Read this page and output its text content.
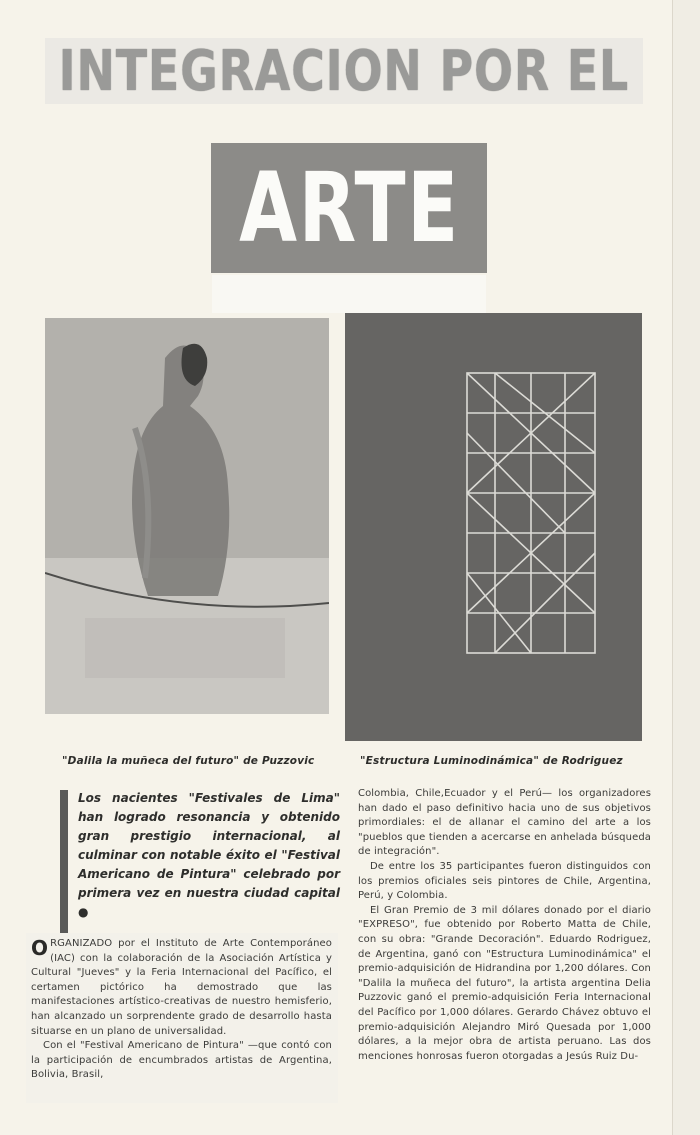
INTEGRACION POR EL
ARTE
"Dalila la muñeca del futuro" de Puzzovic	"Estructura Luminodinámica" de Rodriguez
Los nacientes "Festivales de Lima" han logrado resonancia y obtenido gran prestigio internacional, al culminar con notable éxito el "Festival Americano de Pintura" celebrado por primera vez en nuestra ciudad capital ●

ORGANIZADO por el Instituto de Arte Contemporáneo (IAC) con la colaboración de la Asociación Artística y Cultural "Jueves" y la Feria Internacional del Pacífico, el certamen pictórico ha demostrado que las manifestaciones artístico-creativas de nuestro hemisferio, han alcanzado un sorprendente grado de desarrollo hasta situarse en un plano de universalidad.

Con el "Festival Americano de Pintura" —que contó con la participación de encumbrados artistas de Argentina, Bolivia, Brasil,

Colombia, Chile,Ecuador y el Perú— los organizadores han dado el paso definitivo hacia uno de sus objetivos primordiales: el de allanar el camino del arte a los "pueblos que tienden a acercarse en anhelada búsqueda de integración".

De entre los 35 participantes fueron distinguidos con los premios oficiales seis pintores de Chile, Argentina, Perú, y Colombia.

El Gran Premio de 3 mil dólares donado por el diario "EXPRESO", fue obtenido por Roberto Matta de Chile, con su obra: "Grande Decoración". Eduardo Rodriguez, de Argentina, ganó con "Estructura Luminodinámica" el premio-adquisición de Hidrandina por 1,200 dólares. Con "Dalila la muñeca del futuro", la artista argentina Delia Puzzovic ganó el premio-adquisición Feria Internacional del Pacífico por 1,000 dólares. Gerardo Chávez obtuvo el premio-adquisición Alejandro Miró Quesada por 1,000 dólares, a la mejor obra de artista peruano. Las dos menciones honrosas fueron otorgadas a Jesús Ruiz Du-
